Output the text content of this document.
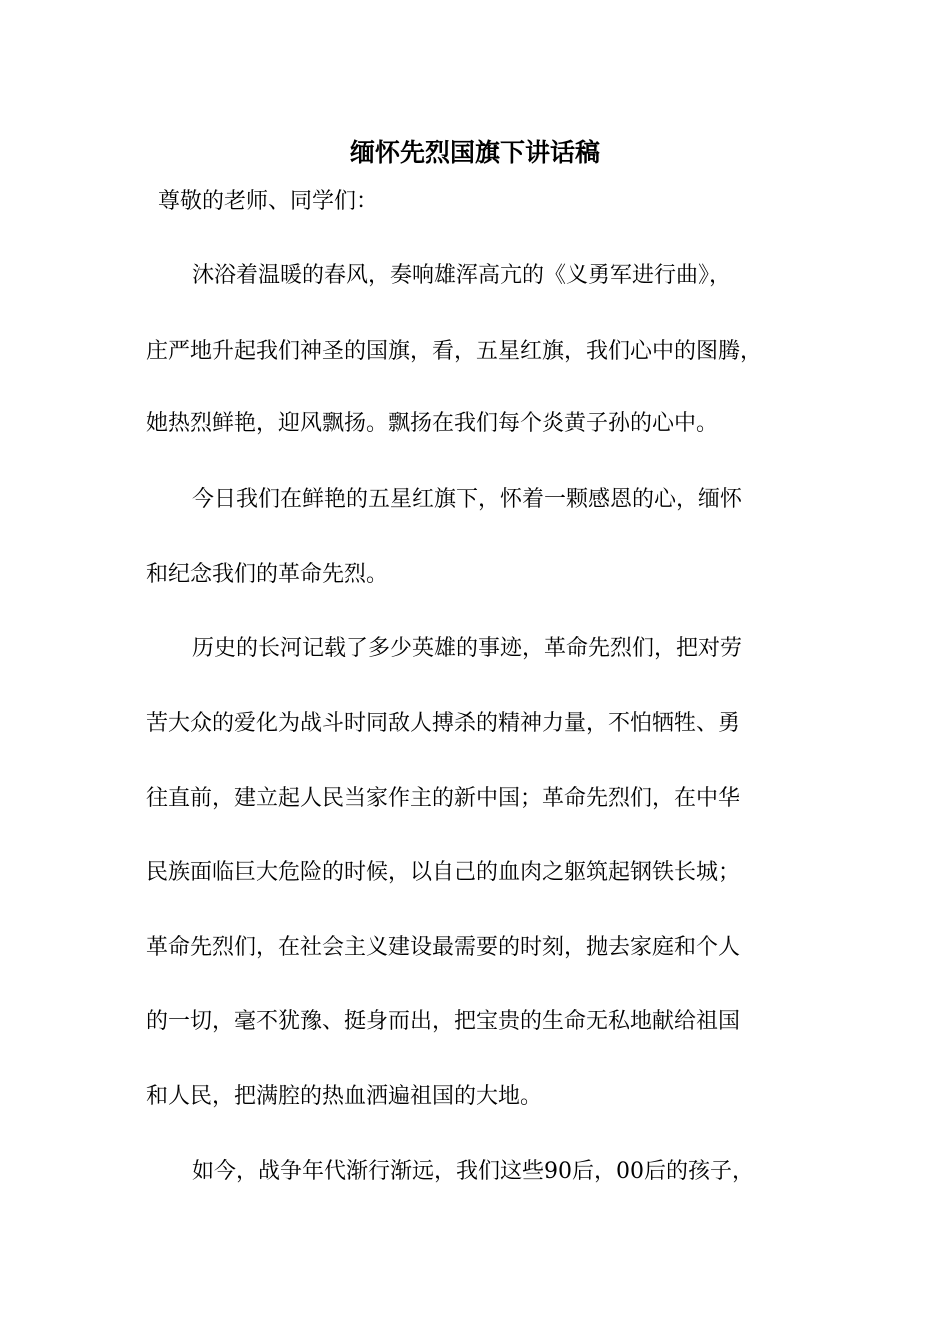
缅怀先烈国旗下讲话稿
尊敬的老师、同学们：
沐浴着温暖的春风，奏响雄浑高亢的《义勇军进行曲》，
庄严地升起我们神圣的国旗，看，五星红旗，我们心中的图腾，
她热烈鲜艳，迎风飘扬。飘扬在我们每个炎黄子孙的心中。
今日我们在鲜艳的五星红旗下，怀着一颗感恩的心，缅怀
和纪念我们的革命先烈。
历史的长河记载了多少英雄的事迹，革命先烈们，把对劳
苦大众的爱化为战斗时同敌人搏杀的精神力量，不怕牺牲、勇
往直前，建立起人民当家作主的新中国；革命先烈们，在中华
民族面临巨大危险的时候，以自己的血肉之躯筑起钢铁长城；
革命先烈们，在社会主义建设最需要的时刻，抛去家庭和个人
的一切，毫不犹豫、挺身而出，把宝贵的生命无私地献给祖国
和人民，把满腔的热血洒遍祖国的大地。
如今，战争年代渐行渐远，我们这些90后，00后的孩子，
